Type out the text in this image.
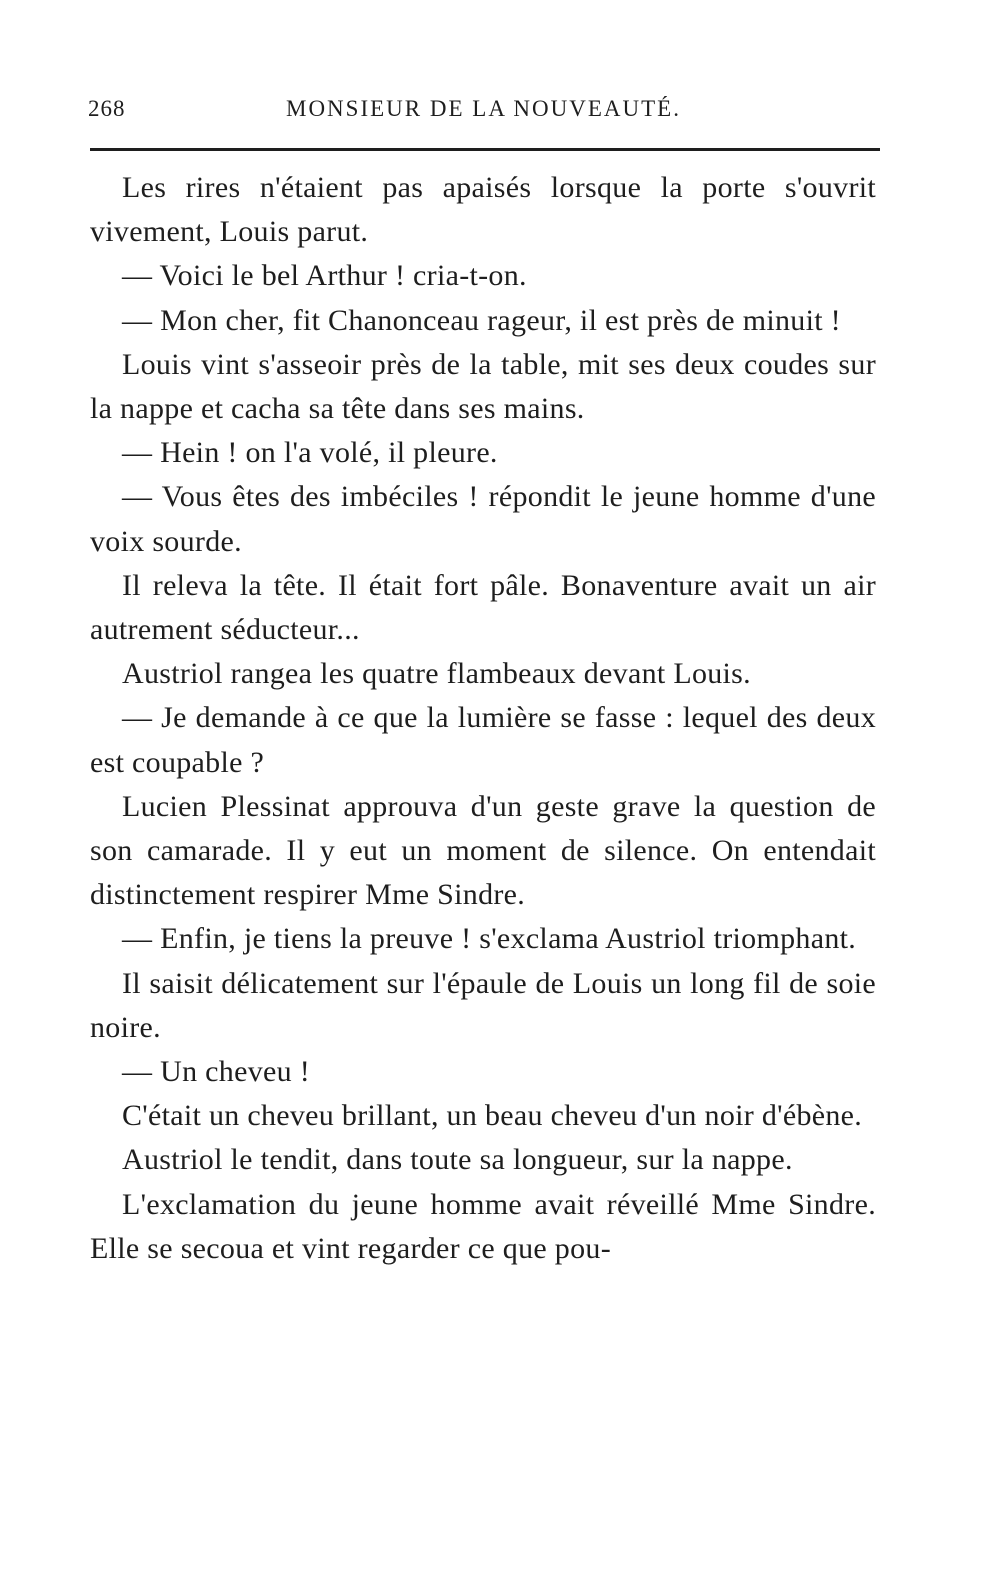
268	MONSIEUR DE LA NOUVEAUTÉ.

Les rires n'étaient pas apaisés lorsque la porte s'ouvrit vivement, Louis parut.

— Voici le bel Arthur ! cria-t-on.

— Mon cher, fit Chanonceau rageur, il est près de minuit !

Louis vint s'asseoir près de la table, mit ses deux coudes sur la nappe et cacha sa tête dans ses mains.

— Hein ! on l'a volé, il pleure.

— Vous êtes des imbéciles ! répondit le jeune homme d'une voix sourde.

Il releva la tête. Il était fort pâle. Bonaventure avait un air autrement séducteur...

Austriol rangea les quatre flambeaux devant Louis.

— Je demande à ce que la lumière se fasse : lequel des deux est coupable ?

Lucien Plessinat approuva d'un geste grave la question de son camarade. Il y eut un moment de silence. On entendait distinctement respirer Mme Sindre.

— Enfin, je tiens la preuve ! s'exclama Austriol triomphant.

Il saisit délicatement sur l'épaule de Louis un long fil de soie noire.

— Un cheveu !

C'était un cheveu brillant, un beau cheveu d'un noir d'ébène.

Austriol le tendit, dans toute sa longueur, sur la nappe.

L'exclamation du jeune homme avait réveillé Mme Sindre. Elle se secoua et vint regarder ce que pou-
